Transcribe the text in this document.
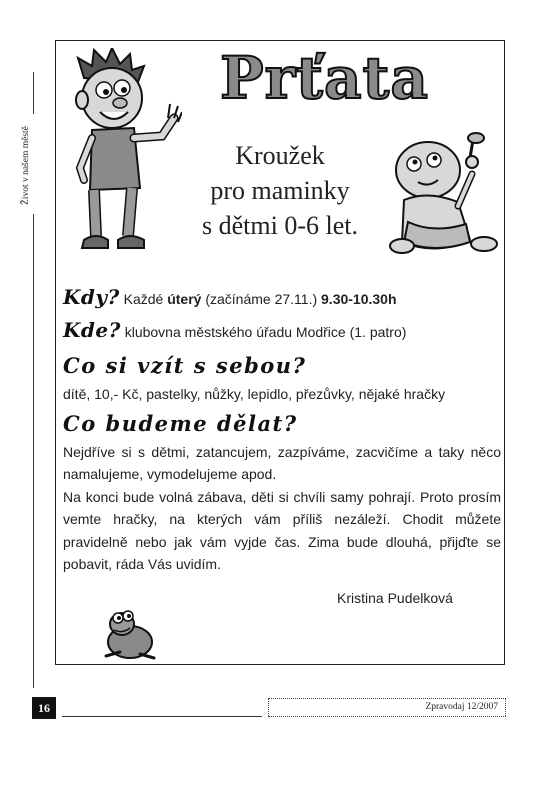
Život v našem městě
Prťata
Kroužek
pro maminky
s dětmi 0-6 let.
Kdy? Každé úterý (začínáme 27.11.) 9.30-10.30h
Kde? klubovna městského úřadu Modřice (1. patro)
Co si vzít s sebou?
dítě, 10,- Kč, pastelky, nůžky, lepidlo, přezůvky, nějaké hračky
Co budeme dělat?
Nejdříve si s dětmi, zatancujem, zazpíváme, zacvičíme a taky něco namalujeme, vymodelujeme apod.
Na konci bude volná zábava, děti si chvíli samy pohrají. Proto prosím vemte hračky, na kterých vám příliš nezáleží. Chodit můžete pravidelně nebo jak vám vyjde čas. Zima bude dlouhá, přijďte se pobavit, ráda Vás uvidím.
Kristina Pudelková
16	Zpravodaj 12/2007
